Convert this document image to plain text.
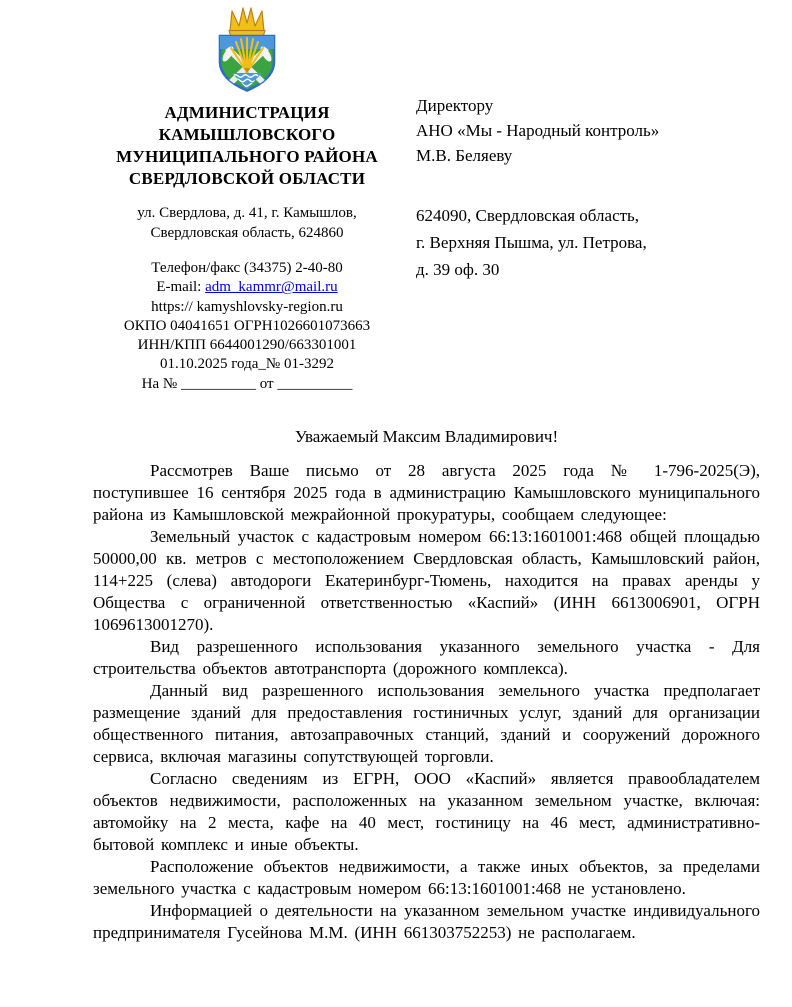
АДМИНИСТРАЦИЯ
КАМЫШЛОВСКОГО
МУНИЦИПАЛЬНОГО РАЙОНА
СВЕРДЛОВСКОЙ ОБЛАСТИ
ул. Свердлова, д. 41, г. Камышлов,
Свердловская область, 624860
Телефон/факс (34375) 2-40-80
E-mail: adm_kammr@mail.ru
https:// kamyshlovsky-region.ru
ОКПО 04041651 ОГРН1026601073663
ИНН/КПП 6644001290/663301001
01.10.2025 года_№ 01-3292
На № __________ от __________
Директору
АНО «Мы - Народный контроль»
М.В. Беляеву
624090, Свердловская область,
г. Верхняя Пышма, ул. Петрова,
д. 39 оф. 30
Уважаемый Максим Владимирович!

Рассмотрев Ваше письмо от 28 августа 2025 года № 1-796-2025(Э), поступившее 16 сентября 2025 года в администрацию Камышловского муниципального района из Камышловской межрайонной прокуратуры, сообщаем следующее:

Земельный участок с кадастровым номером 66:13:1601001:468 общей площадью 50000,00 кв. метров с местоположением Свердловская область, Камышловский район, 114+225 (слева) автодороги Екатеринбург-Тюмень, находится на правах аренды у Общества с ограниченной ответственностью «Каспий» (ИНН 6613006901, ОГРН 1069613001270).

Вид разрешенного использования указанного земельного участка - Для строительства объектов автотранспорта (дорожного комплекса).

Данный вид разрешенного использования земельного участка предполагает размещение зданий для предоставления гостиничных услуг, зданий для организации общественного питания, автозаправочных станций, зданий и сооружений дорожного сервиса, включая магазины сопутствующей торговли.

Согласно сведениям из ЕГРН, ООО «Каспий» является правообладателем объектов недвижимости, расположенных на указанном земельном участке, включая: автомойку на 2 места, кафе на 40 мест, гостиницу на 46 мест, административно-бытовой комплекс и иные объекты.

Расположение объектов недвижимости, а также иных объектов, за пределами земельного участка с кадастровым номером 66:13:1601001:468 не установлено.

Информацией о деятельности на указанном земельном участке индивидуального предпринимателя Гусейнова М.М. (ИНН 661303752253) не располагаем.
